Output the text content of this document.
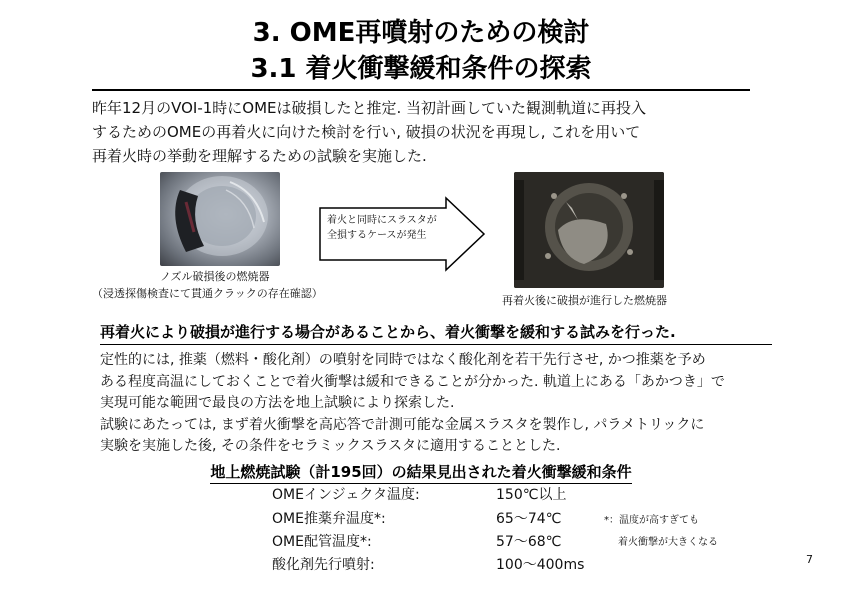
3. OME再噴射のための検討
3.1 着火衝撃緩和条件の探索
昨年12月のVOI-1時にOMEは破損したと推定. 当初計画していた観測軌道に再投入
するためのOMEの再着火に向けた検討を行い, 破損の状況を再現し, これを用いて
再着火時の挙動を理解するための試験を実施した.
ノズル破損後の燃焼器
（浸透探傷検査にて貫通クラックの存在確認）
着火と同時にスラスタが
全損するケースが発生
再着火後に破損が進行した燃焼器
再着火により破損が進行する場合があることから、着火衝撃を緩和する試みを行った.
定性的には, 推薬（燃料・酸化剤）の噴射を同時ではなく酸化剤を若干先行させ, かつ推薬を予め
ある程度高温にしておくことで着火衝撃は緩和できることが分かった. 軌道上にある「あかつき」で
実現可能な範囲で最良の方法を地上試験により探索した.
試験にあたっては, まず着火衝撃を高応答で計測可能な金属スラスタを製作し, パラメトリックに
実験を実施した後, その条件をセラミックスラスタに適用することとした.
地上燃焼試験（計195回）の結果見出された着火衝撃緩和条件
OMEインジェクタ温度:	150℃以上
OME推薬弁温度*:	65〜74℃
OME配管温度*:	57〜68℃
酸化剤先行噴射:	100〜400ms
*：温度が高すぎても
着火衝撃が大きくなる
7
